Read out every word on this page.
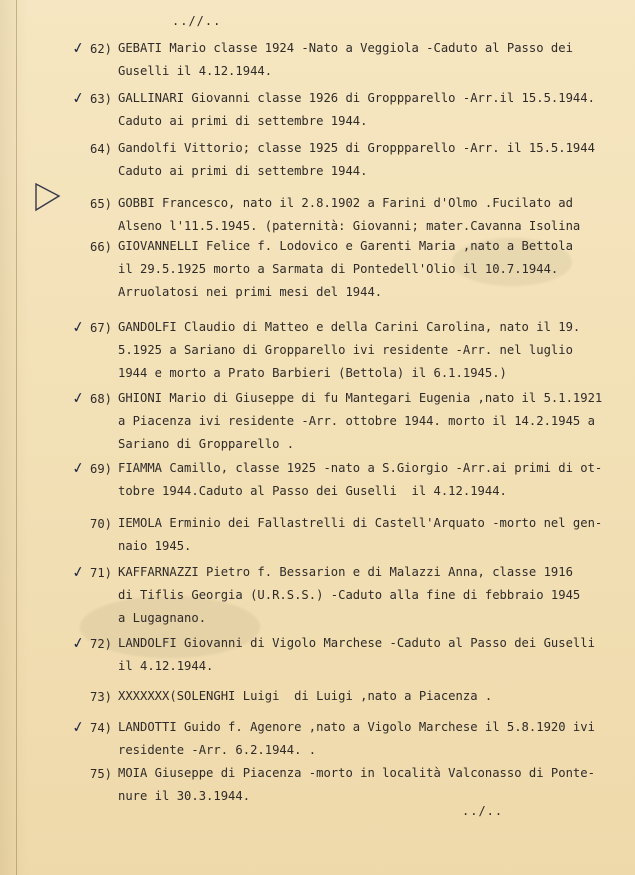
..//..
✓ 62) GEBATI Mario classe 1924 -Nato a Veggiola -Caduto al Passo dei
Guselli il 4.12.1944.
✓ 63) GALLINARI Giovanni classe 1926 di Groppparello -Arr.il 15.5.1944.
Caduto ai primi di settembre 1944.
64) Gandolfi Vittorio; classe 1925 di Groppparello -Arr. il 15.5.1944
Caduto ai primi di settembre 1944.
65) GOBBI Francesco, nato il 2.8.1902 a Farini d'Olmo .Fucilato ad
Alseno l'11.5.1945. (paternità: Giovanni; mater.Cavanna Isolina
66) GIOVANNELLI Felice f. Lodovico e Garenti Maria ,nato a Bettola
il 29.5.1925 morto a Sarmata di Pontedell'Olio il 10.7.1944.
Arruolatosi nei primi mesi del 1944.
✓ 67) GANDOLFI Claudio di Matteo e della Carini Carolina, nato il 19.
5.1925 a Sariano di Gropparello ivi residente -Arr. nel luglio
1944 e morto a Prato Barbieri (Bettola) il 6.1.1945.)
✓ 68) GHIONI Mario di Giuseppe di fu Mantegari Eugenia ,nato il 5.1.1921
a Piacenza ivi residente -Arr. ottobre 1944. morto il 14.2.1945 a
Sariano di Gropparello .
✓ 69) FIAMMA Camillo, classe 1925 -nato a S.Giorgio -Arr.ai primi di ot-
tobre 1944.Caduto al Passo dei Guselli  il 4.12.1944.
70) IEMOLA Erminio dei Fallastrelli di Castell'Arquato -morto nel gen-
naio 1945.
✓ 71) KAFFARNAZZI Pietro f. Bessarion e di Malazzi Anna, classe 1916
di Tiflis Georgia (U.R.S.S.) -Caduto alla fine di febbraio 1945
a Lugagnano.
✓ 72) LANDOLFI Giovanni di Vigolo Marchese -Caduto al Passo dei Guselli
il 4.12.1944.
73) XXXXXXX(SOLENGHI Luigi  di Luigi ,nato a Piacenza .
✓ 74) LANDOTTI Guido f. Agenore ,nato a Vigolo Marchese il 5.8.1920 ivi
residente -Arr. 6.2.1944. .
75) MOIA Giuseppe di Piacenza -morto in località Valconasso di Ponte-
nure il 30.3.1944.
../..
